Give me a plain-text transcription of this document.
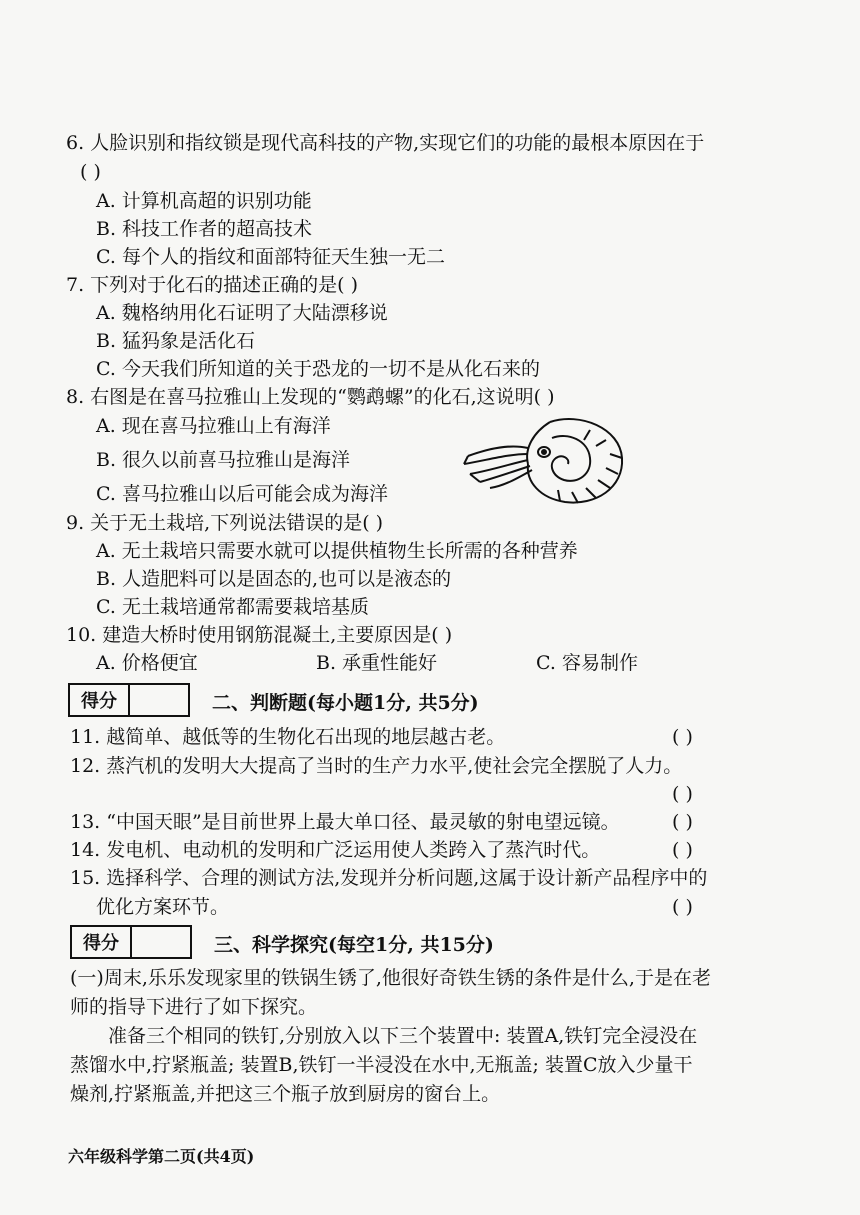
6. 人脸识别和指纹锁是现代高科技的产物,实现它们的功能的最根本原因在于
( )
A. 计算机高超的识别功能
B. 科技工作者的超高技术
C. 每个人的指纹和面部特征天生独一无二
7. 下列对于化石的描述正确的是( )
A. 魏格纳用化石证明了大陆漂移说
B. 猛犸象是活化石
C. 今天我们所知道的关于恐龙的一切不是从化石来的
8. 右图是在喜马拉雅山上发现的“鹦鹉螺”的化石,这说明( )
A. 现在喜马拉雅山上有海洋
B. 很久以前喜马拉雅山是海洋
C. 喜马拉雅山以后可能会成为海洋
9. 关于无土栽培,下列说法错误的是( )
A. 无土栽培只需要水就可以提供植物生长所需的各种营养
B. 人造肥料可以是固态的,也可以是液态的
C. 无土栽培通常都需要栽培基质
10. 建造大桥时使用钢筋混凝土,主要原因是( )
A. 价格便宜	B. 承重性能好	C. 容易制作
得分	二、判断题(每小题1分, 共5分)
11. 越简单、越低等的生物化石出现的地层越古老。	( )
12. 蒸汽机的发明大大提高了当时的生产力水平,使社会完全摆脱了人力。
( )
13. “中国天眼”是目前世界上最大单口径、最灵敏的射电望远镜。	( )
14. 发电机、电动机的发明和广泛运用使人类跨入了蒸汽时代。	( )
15. 选择科学、合理的测试方法,发现并分析问题,这属于设计新产品程序中的
优化方案环节。	( )
得分	三、科学探究(每空1分, 共15分)
(一)周末,乐乐发现家里的铁锅生锈了,他很好奇铁生锈的条件是什么,于是在老
师的指导下进行了如下探究。
准备三个相同的铁钉,分别放入以下三个装置中: 装置A,铁钉完全浸没在
蒸馏水中,拧紧瓶盖; 装置B,铁钉一半浸没在水中,无瓶盖; 装置C放入少量干
燥剂,拧紧瓶盖,并把这三个瓶子放到厨房的窗台上。
六年级科学第二页(共4页)
